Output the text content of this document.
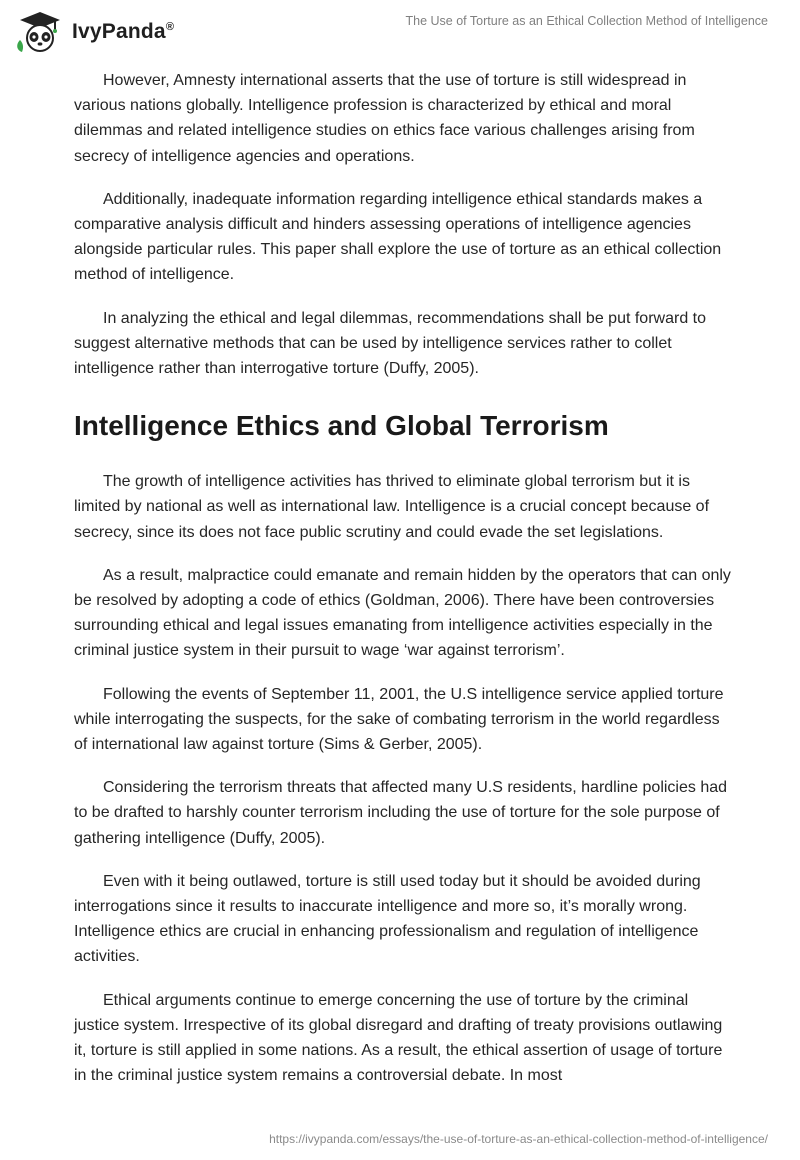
IvyPanda®	The Use of Torture as an Ethical Collection Method of Intelligence

However, Amnesty international asserts that the use of torture is still widespread in various nations globally. Intelligence profession is characterized by ethical and moral dilemmas and related intelligence studies on ethics face various challenges arising from secrecy of intelligence agencies and operations.

Additionally, inadequate information regarding intelligence ethical standards makes a comparative analysis difficult and hinders assessing operations of intelligence agencies alongside particular rules. This paper shall explore the use of torture as an ethical collection method of intelligence.

In analyzing the ethical and legal dilemmas, recommendations shall be put forward to suggest alternative methods that can be used by intelligence services rather to collet intelligence rather than interrogative torture (Duffy, 2005).

Intelligence Ethics and Global Terrorism

The growth of intelligence activities has thrived to eliminate global terrorism but it is limited by national as well as international law. Intelligence is a crucial concept because of secrecy, since its does not face public scrutiny and could evade the set legislations.

As a result, malpractice could emanate and remain hidden by the operators that can only be resolved by adopting a code of ethics (Goldman, 2006). There have been controversies surrounding ethical and legal issues emanating from intelligence activities especially in the criminal justice system in their pursuit to wage ‘war against terrorism’.

Following the events of September 11, 2001, the U.S intelligence service applied torture while interrogating the suspects, for the sake of combating terrorism in the world regardless of international law against torture (Sims & Gerber, 2005).

Considering the terrorism threats that affected many U.S residents, hardline policies had to be drafted to harshly counter terrorism including the use of torture for the sole purpose of gathering intelligence (Duffy, 2005).

Even with it being outlawed, torture is still used today but it should be avoided during interrogations since it results to inaccurate intelligence and more so, it’s morally wrong. Intelligence ethics are crucial in enhancing professionalism and regulation of intelligence activities.

Ethical arguments continue to emerge concerning the use of torture by the criminal justice system. Irrespective of its global disregard and drafting of treaty provisions outlawing it, torture is still applied in some nations. As a result, the ethical assertion of usage of torture in the criminal justice system remains a controversial debate. In most

https://ivypanda.com/essays/the-use-of-torture-as-an-ethical-collection-method-of-intelligence/
